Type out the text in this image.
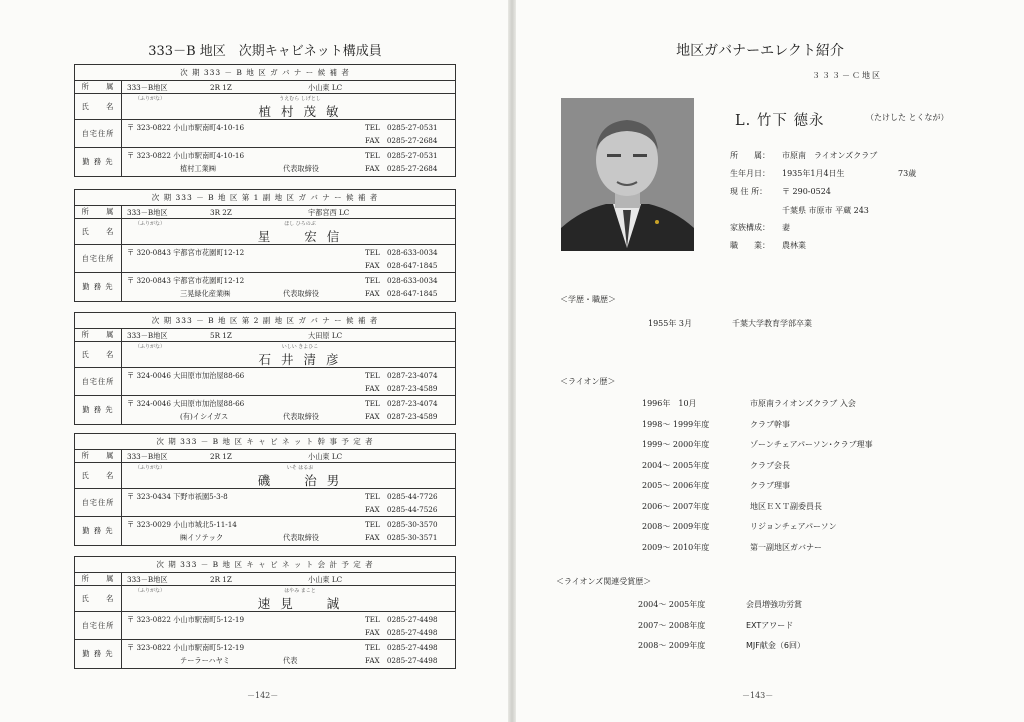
333－B 地区　次期キャビネット構成員
次 期 333 － B 地 区 ガ バ ナ ー 候 補 者
所　　属	333－B地区	2R 1Z	小山東 LC
氏　　名
（ふりがな）	うえむら しげとし
植 村 茂 敏
自宅住所
〒 323-0822 小山市駅南町4-10-16	TEL　0285-27-0531
FAX　0285-27-2684
勤 務 先
〒 323-0822 小山市駅南町4-10-16
植村工業㈱	代表取締役
TEL　0285-27-0531
FAX　0285-27-2684
次 期 333 － B 地 区 第 1 副 地 区 ガ バ ナ ー 候 補 者
所　　属	333－B地区	3R 2Z	宇都宮西 LC
氏　　名
（ふりがな）	ほし ひろのぶ
星　　宏 信
自宅住所
〒 320-0843 宇都宮市花園町12-12	TEL　028-633-0034
FAX　028-647-1845
勤 務 先
〒 320-0843 宇都宮市花園町12-12
三晃緑化産業㈱	代表取締役
TEL　028-633-0034
FAX　028-647-1845
次 期 333 － B 地 区 第 2 副 地 区 ガ バ ナ ー 候 補 者
所　　属	333－B地区	5R 1Z	大田原 LC
氏　　名
（ふりがな）	いしい きよひこ
石 井 清 彦
自宅住所
〒 324-0046 大田原市加治屋88-66	TEL　0287-23-4074
FAX　0287-23-4589
勤 務 先
〒 324-0046 大田原市加治屋88-66
(有)イシイガス	代表取締役
TEL　0287-23-4074
FAX　0287-23-4589
次 期 333 － B 地 区 キ ャ ビ ネ ッ ト 幹 事 予 定 者
所　　属	333－B地区	2R 1Z	小山東 LC
氏　　名
（ふりがな）	いそ はるお
磯　　治 男
自宅住所
〒 323-0434 下野市祇園5-3-8	TEL　0285-44-7726
FAX　0285-44-7526
勤 務 先
〒 323-0029 小山市城北5-11-14
㈱イソテック	代表取締役
TEL　0285-30-3570
FAX　0285-30-3571
次 期 333 － B 地 区 キ ャ ビ ネ ッ ト 会 計 予 定 者
所　　属	333－B地区	2R 1Z	小山東 LC
氏　　名
（ふりがな）	はやみ まこと
速 見　　誠
自宅住所
〒 323-0822 小山市駅南町5-12-19	TEL　0285-27-4498
FAX　0285-27-4498
勤 務 先
〒 323-0822 小山市駅南町5-12-19
テーラーハヤミ	代表
TEL　0285-27-4498
FAX　0285-27-4498
－142－
地区ガバナーエレクト紹介
３３３－Ｃ地区
L. 竹下 德永	（たけした とくなが）
所　　属： 市原南　ライオンズクラブ
生年月日： 1935年1月4日生	73歳
現 住 所： 〒 290-0524
千葉県 市原市 平蔵 243
家族構成： 妻
職　　業： 農林業
＜学歴・職歴＞
1955年 3月	千葉大学教育学部卒業
＜ライオン歴＞
1996年　10月	市原南ライオンズクラブ 入会
1998～ 1999年度	クラブ幹事
1999～ 2000年度	ゾーンチェアパーソン･クラブ理事
2004～ 2005年度	クラブ会長
2005～ 2006年度	クラブ理事
2006～ 2007年度	地区ＥＸＴ副委員長
2008～ 2009年度	リジョンチェアパーソン
2009～ 2010年度	第一副地区ガバナー
＜ライオンズ関連受賞歴＞
2004～ 2005年度	会員増強功労賞
2007～ 2008年度	EXTアワード
2008～ 2009年度	MJF献金（6回）
－143－
